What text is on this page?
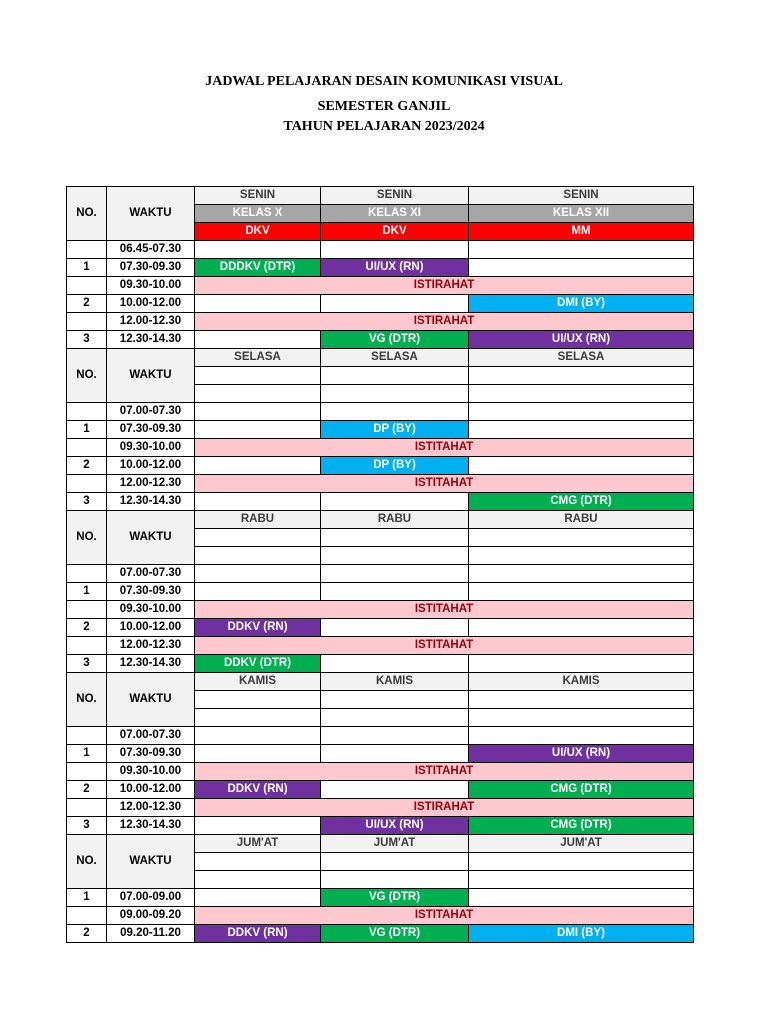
JADWAL PELAJARAN DESAIN KOMUNIKASI VISUAL
SEMESTER GANJIL
TAHUN PELAJARAN 2023/2024
NO.	WAKTU	SENIN	SENIN	SENIN
		KELAS X	KELAS XI	KELAS XII
		DKV	DKV	MM
	06.45-07.30			
1	07.30-09.30	DDDKV (DTR)	UI/UX (RN)	
	09.30-10.00	ISTIRAHAT		
2	10.00-12.00			DMI (BY)
	12.00-12.30	ISTIRAHAT		
3	12.30-14.30		VG (DTR)	UI/UX (RN)
NO.	WAKTU	SELASA	SELASA	SELASA

	07.00-07.30			
1	07.30-09.30		DP (BY)	
	09.30-10.00	ISTITAHAT		
2	10.00-12.00		DP (BY)	
	12.00-12.30	ISTITAHAT		
3	12.30-14.30			CMG (DTR)
NO.	WAKTU	RABU	RABU	RABU

	07.00-07.30			
1	07.30-09.30			
	09.30-10.00	ISTITAHAT		
2	10.00-12.00	DDKV (RN)		
	12.00-12.30	ISTITAHAT		
3	12.30-14.30	DDKV (DTR)		
NO.	WAKTU	KAMIS	KAMIS	KAMIS

	07.00-07.30			
1	07.30-09.30			UI/UX (RN)
	09.30-10.00	ISTITAHAT		
2	10.00-12.00	DDKV (RN)		CMG (DTR)
	12.00-12.30	ISTIRAHAT		
3	12.30-14.30		UI/UX (RN)	CMG (DTR)
NO.	WAKTU	JUM'AT	JUM'AT	JUM'AT

1	07.00-09.00		VG (DTR)	
	09.00-09.20	ISTITAHAT		
2	09.20-11.20	DDKV (RN)	VG (DTR)	DMI (BY)
